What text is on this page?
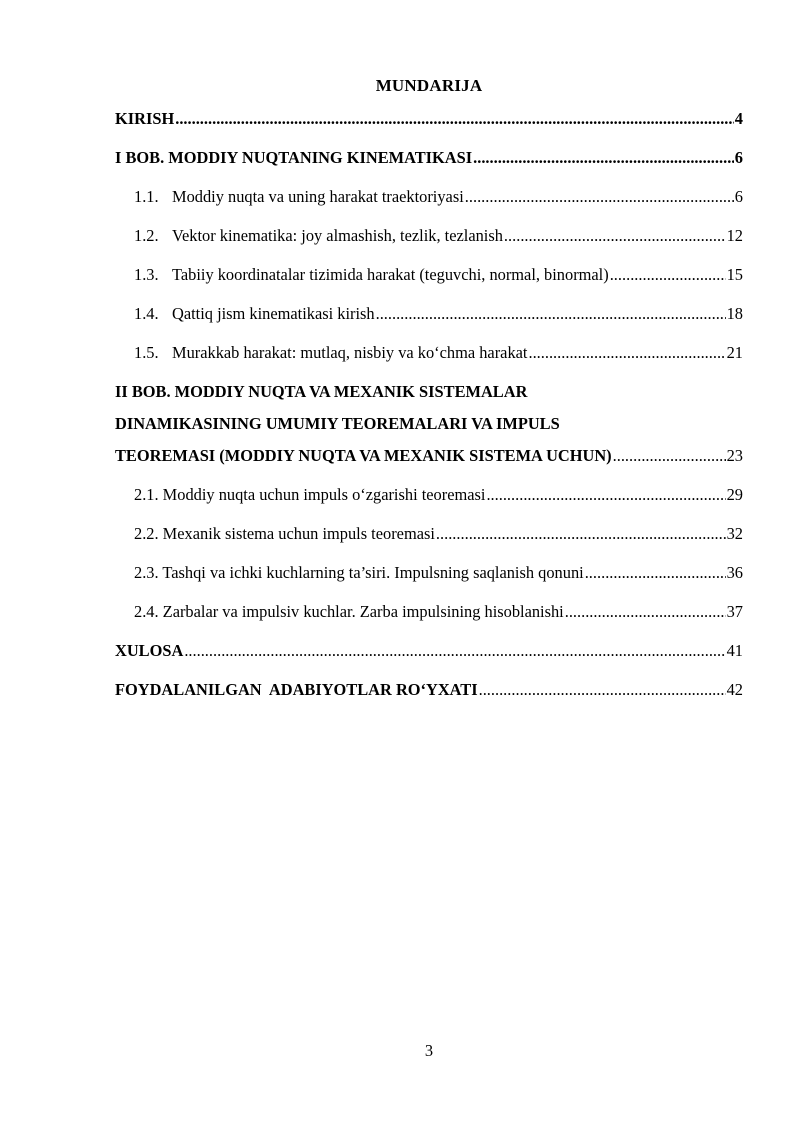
MUNDARIJA
KIRISH .....	4
I BOB. MODDIY NUQTANING KINEMATIKASI .....	6
1.1. Moddiy nuqta va uning harakat traektoriyasi .....	6
1.2. Vektor kinematika: joy almashish, tezlik, tezlanish .....	12
1.3. Tabiiy koordinatalar tizimida harakat (teguvchi, normal, binormal) .....	15
1.4. Qattiq jism kinematikasi kirish .....	18
1.5. Murakkab harakat: mutlaq, nisbiy va ko‘chma harakat .....	21
II BOB. MODDIY NUQTA VA MEXANIK SISTEMALAR
DINAMIKASINING UMUMIY TEOREMALARI VA IMPULS
TEOREMASI (MODDIY NUQTA VA MEXANIK SISTEMA UCHUN) .....	23
2.1. Moddiy nuqta uchun impuls o‘zgarishi teoremasi .....	29
2.2. Mexanik sistema uchun impuls teoremasi .....	32
2.3. Tashqi va ichki kuchlarning ta’siri. Impulsning saqlanish qonuni .....	36
2.4. Zarbalar va impulsiv kuchlar. Zarba impulsining hisoblanishi .....	37
XULOSA .....	41
FOYDALANILGAN  ADABIYOTLAR RO‘YXATI .....	42
3
